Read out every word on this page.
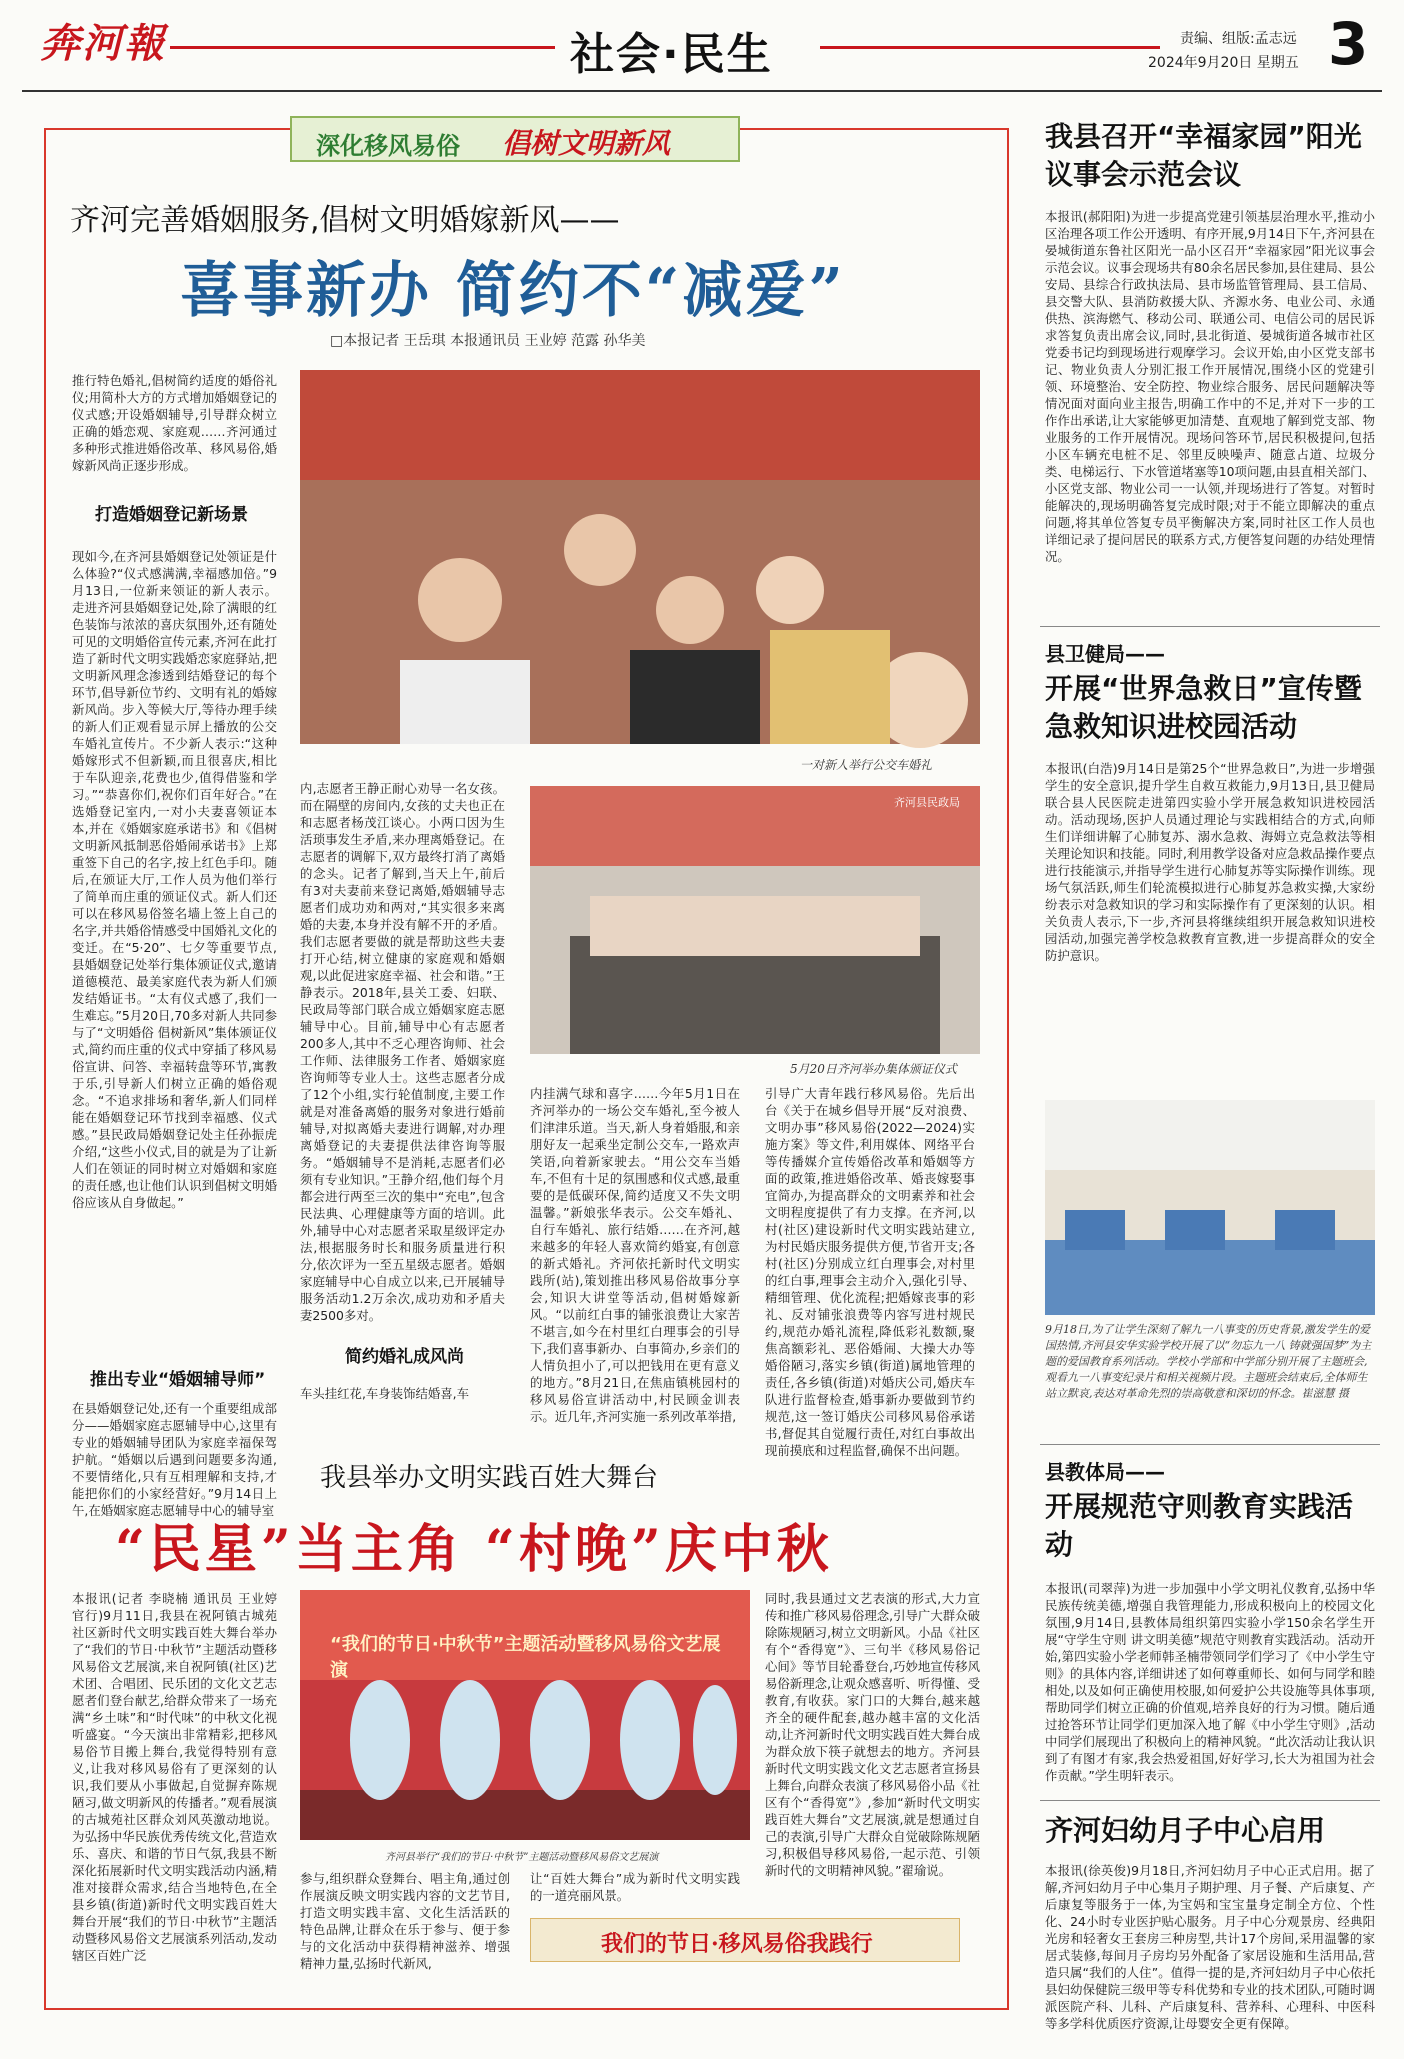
奔河報	社会·民生	责编、组版:孟志远
2024年9月20日 星期五 3
深化移风易俗 倡树文明新风
齐河完善婚姻服务,倡树文明婚嫁新风——
喜事新办 简约不“减爱”
□本报记者 王岳琪 本报通讯员 王业婷 范露 孙华美
推行特色婚礼,倡树简约适度的婚俗礼仪;用简朴大方的方式增加婚姻登记的仪式感;开设婚姻辅导,引导群众树立正确的婚恋观、家庭观……齐河通过多种形式推进婚俗改革、移风易俗,婚嫁新风尚正逐步形成。
打造婚姻登记新场景
现如今,在齐河县婚姻登记处领证是什么体验?“仪式感满满,幸福感加倍。”9月13日,一位新来领证的新人表示。走进齐河县婚姻登记处,除了满眼的红色装饰与浓浓的喜庆氛围外,还有随处可见的文明婚俗宣传元素,齐河在此打造了新时代文明实践婚恋家庭驿站,把文明新风理念渗透到结婚登记的每个环节,倡导新位节约、文明有礼的婚嫁新风尚。步入等候大厅,等待办理手续的新人们正观看显示屏上播放的公交车婚礼宣传片。不少新人表示:“这种婚嫁形式不但新颖,而且很喜庆,相比于车队迎亲,花费也少,值得借鉴和学习。”“恭喜你们,祝你们百年好合。”在选婚登记室内,一对小夫妻喜领证本本,并在《婚姻家庭承诺书》和《倡树文明新风抵制恶俗婚闹承诺书》上郑重签下自己的名字,按上红色手印。随后,在颁证大厅,工作人员为他们举行了简单而庄重的颁证仪式。新人们还可以在移风易俗签名墙上签上自己的名字,并共婚俗情感受中国婚礼文化的变迁。在“5·20”、七夕等重要节点,县婚姻登记处举行集体颁证仪式,邀请道德模范、最美家庭代表为新人们颁发结婚证书。“太有仪式感了,我们一生难忘。”5月20日,70多对新人共同参与了“文明婚俗 倡树新风”集体颁证仪式,简约而庄重的仪式中穿插了移风易俗宣讲、问答、幸福转盘等环节,寓教于乐,引导新人们树立正确的婚俗观念。“不追求排场和奢华,新人们同样能在婚姻登记环节找到幸福感、仪式感。”县民政局婚姻登记处主任孙振虎介绍,“这些小仪式,目的就是为了让新人们在领证的同时树立对婚姻和家庭的责任感,也让他们认识到倡树文明婚俗应该从自身做起。”
推出专业“婚姻辅导师”
在县婚姻登记处,还有一个重要组成部分——婚姻家庭志愿辅导中心,这里有专业的婚姻辅导团队为家庭幸福保驾护航。“婚姻以后遇到问题要多沟通,不要情绪化,只有互相理解和支持,才能把你们的小家经营好。”9月14日上午,在婚姻家庭志愿辅导中心的辅导室
一对新人举行公交车婚礼
内,志愿者王静正耐心劝导一名女孩。而在隔壁的房间内,女孩的丈夫也正在和志愿者杨茂江谈心。小两口因为生活琐事发生矛盾,来办理离婚登记。在志愿者的调解下,双方最终打消了离婚的念头。记者了解到,当天上午,前后有3对夫妻前来登记离婚,婚姻辅导志愿者们成功劝和两对,“其实很多来离婚的夫妻,本身并没有解不开的矛盾。我们志愿者要做的就是帮助这些夫妻打开心结,树立健康的家庭观和婚姻观,以此促进家庭幸福、社会和谐。”王静表示。2018年,县关工委、妇联、民政局等部门联合成立婚姻家庭志愿辅导中心。目前,辅导中心有志愿者200多人,其中不乏心理咨询师、社会工作师、法律服务工作者、婚姻家庭咨询师等专业人士。这些志愿者分成了12个小组,实行轮值制度,主要工作就是对准备离婚的服务对象进行婚前辅导,对拟离婚夫妻进行调解,对办理离婚登记的夫妻提供法律咨询等服务。“婚姻辅导不是消耗,志愿者们必须有专业知识。”王静介绍,他们每个月都会进行两至三次的集中“充电”,包含民法典、心理健康等方面的培训。此外,辅导中心对志愿者采取星级评定办法,根据服务时长和服务质量进行积分,依次评为一至五星级志愿者。婚姻家庭辅导中心自成立以来,已开展辅导服务活动1.2万余次,成功劝和矛盾夫妻2500多对。
简约婚礼成风尚
车头挂红花,车身装饰结婚喜,车
齐河县民政局
5月20日齐河举办集体颁证仪式
内挂满气球和喜字……今年5月1日在齐河举办的一场公交车婚礼,至今被人们津津乐道。当天,新人身着婚服,和亲朋好友一起乘坐定制公交车,一路欢声笑语,向着新家驶去。“用公交车当婚车,不但有十足的氛围感和仪式感,最重要的是低碳环保,简约适度又不失文明温馨。”新娘张华表示。公交车婚礼、自行车婚礼、旅行结婚……在齐河,越来越多的年轻人喜欢简约婚宴,有创意的新式婚礼。齐河依托新时代文明实践所(站),策划推出移风易俗故事分享会,知识大讲堂等活动,倡树婚嫁新风。“以前红白事的铺张浪费让大家苦不堪言,如今在村里红白理事会的引导下,我们喜事新办、白事简办,乡亲们的人情负担小了,可以把钱用在更有意义的地方。”8月21日,在焦庙镇桃园村的移风易俗宣讲活动中,村民顾金训表示。近几年,齐河实施一系列改革举措,
引导广大青年践行移风易俗。先后出台《关于在城乡倡导开展“反对浪费、文明办事”移风易俗(2022—2024)实施方案》等文件,利用媒体、网络平台等传播媒介宣传婚俗改革和婚姻等方面的政策,推进婚俗改革、婚丧嫁娶事宜简办,为提高群众的文明素养和社会文明程度提供了有力支撑。在齐河,以村(社区)建设新时代文明实践站建立,为村民婚庆服务提供方便,节省开支;各村(社区)分别成立红白理事会,对村里的红白事,理事会主动介入,强化引导、精细管理、优化流程;把婚嫁丧事的彩礼、反对铺张浪费等内容写进村规民约,规范办婚礼流程,降低彩礼数额,聚焦高额彩礼、恶俗婚闹、大操大办等婚俗陋习,落实乡镇(街道)属地管理的责任,各乡镇(街道)对婚庆公司,婚庆车队进行监督检查,婚事新办要做到节约规范,这一签订婚庆公司移风易俗承诺书,督促其自觉履行责任,对红白事故出现前摸底和过程监督,确保不出问题。
我县举办文明实践百姓大舞台
“民星”当主角 “村晚”庆中秋
本报讯(记者 李晓楠 通讯员 王业婷 官行)9月11日,我县在祝阿镇古城苑社区新时代文明实践百姓大舞台举办了“我们的节日·中秋节”主题活动暨移风易俗文艺展演,来自祝阿镇(社区)艺术团、合唱团、民乐团的文化文艺志愿者们登台献艺,给群众带来了一场充满“乡土味”和“时代味”的中秋文化视听盛宴。“今天演出非常精彩,把移风易俗节目搬上舞台,我觉得特别有意义,让我对移风易俗有了更深刻的认识,我们要从小事做起,自觉摒弃陈规陋习,做文明新风的传播者。”观看展演的古城苑社区群众刘风英激动地说。为弘扬中华民族优秀传统文化,营造欢乐、喜庆、和谐的节日气氛,我县不断深化拓展新时代文明实践活动内涵,精准对接群众需求,结合当地特色,在全县乡镇(街道)新时代文明实践百姓大舞台开展“我们的节日·中秋节”主题活动暨移风易俗文艺展演系列活动,发动辖区百姓广泛
“我们的节日·中秋节”主题活动暨移风易俗文艺展演
齐河县举行“我们的节日·中秋节”主题活动暨移风易俗文艺展演
参与,组织群众登舞台、唱主角,通过创作展演反映文明实践内容的文艺节目,打造文明实践丰富、文化生活活跃的特色品牌,让群众在乐于参与、便于参与的文化活动中获得精神滋养、增强精神力量,弘扬时代新风,
让“百姓大舞台”成为新时代文明实践的一道亮丽风景。
同时,我县通过文艺表演的形式,大力宣传和推广移风易俗理念,引导广大群众破除陈规陋习,树立文明新风。小品《社区有个“香得宽”》、三句半《移风易俗记心间》等节目轮番登台,巧妙地宣传移风易俗新理念,让观众感喜听、听得懂、受教育,有收获。家门口的大舞台,越来越齐全的硬件配套,越办越丰富的文化活动,让齐河新时代文明实践百姓大舞台成为群众放下筷子就想去的地方。齐河县新时代文明实践文化文艺志愿者宣扬县上舞台,向群众表演了移风易俗小品《社区有个“香得宽”》,参加“新时代文明实践百姓大舞台”文艺展演,就是想通过自己的表演,引导广大群众自觉破除陈规陋习,积极倡导移风易俗,一起示范、引领新时代的文明精神风貌。”翟瑜说。
我们的节日·移风易俗我践行
我县召开“幸福家园”阳光议事会示范会议
本报讯(郝阳阳)为进一步提高党建引领基层治理水平,推动小区治理各项工作公开透明、有序开展,9月14日下午,齐河县在晏城街道东鲁社区阳光一品小区召开“幸福家园”阳光议事会示范会议。议事会现场共有80余名居民参加,县住建局、县公安局、县综合行政执法局、县市场监管管理局、县工信局、县交警大队、县消防救援大队、齐源水务、电业公司、永通供热、滨海燃气、移动公司、联通公司、电信公司的居民诉求答复负责出席会议,同时,县北街道、晏城街道各城市社区党委书记均到现场进行观摩学习。会议开始,由小区党支部书记、物业负责人分别汇报工作开展情况,围绕小区的党建引领、环境整治、安全防控、物业综合服务、居民问题解决等情况面对面向业主报告,明确工作中的不足,并对下一步的工作作出承诺,让大家能够更加清楚、直观地了解到党支部、物业服务的工作开展情况。现场问答环节,居民积极提问,包括小区车辆充电桩不足、邻里反映噪声、随意占道、垃圾分类、电梯运行、下水管道堵塞等10项问题,由县直相关部门、小区党支部、物业公司一一认领,并现场进行了答复。对暂时能解决的,现场明确答复完成时限;对于不能立即解决的重点问题,将其单位答复专员平衡解决方案,同时社区工作人员也详细记录了提问居民的联系方式,方便答复问题的办结处理情况。
县卫健局——
开展“世界急救日”宣传暨急救知识进校园活动
本报讯(白浩)9月14日是第25个“世界急救日”,为进一步增强学生的安全意识,提升学生自救互救能力,9月13日,县卫健局联合县人民医院走进第四实验小学开展急救知识进校园活动。活动现场,医护人员通过理论与实践相结合的方式,向师生们详细讲解了心肺复苏、溺水急救、海姆立克急救法等相关理论知识和技能。同时,利用教学设备对应急救品操作要点进行技能演示,并指导学生进行心肺复苏等实际操作训练。现场气氛活跃,师生们轮流模拟进行心肺复苏急救实操,大家纷纷表示对急救知识的学习和实际操作有了更深刻的认识。相关负责人表示,下一步,齐河县将继续组织开展急救知识进校园活动,加强完善学校急救教育宣教,进一步提高群众的安全防护意识。
9月18日,为了让学生深刻了解九一八事变的历史背景,激发学生的爱国热情,齐河县安华实验学校开展了以“勿忘九一八 铸就强国梦”为主题的爱国教育系列活动。学校小学部和中学部分别开展了主题班会,观看九一八事变纪录片和相关视频片段。主题班会结束后,全体师生站立默哀,表达对革命先烈的崇高敬意和深切的怀念。崔滋慧 摄
县教体局——
开展规范守则教育实践活动
本报讯(司翠萍)为进一步加强中小学文明礼仪教育,弘扬中华民族传统美德,增强自我管理能力,形成积极向上的校园文化氛围,9月14日,县教体局组织第四实验小学150余名学生开展“守学生守则 讲文明美德”规范守则教育实践活动。活动开始,第四实验小学老师韩圣楠带领同学们学习了《中小学生守则》的具体内容,详细讲述了如何尊重师长、如何与同学和睦相处,以及如何正确使用校服,如何爱护公共设施等具体事项,帮助同学们树立正确的价值观,培养良好的行为习惯。随后通过抢答环节让同学们更加深入地了解《中小学生守则》,活动中同学们展现出了积极向上的精神风貌。“此次活动让我认识到了有图才有家,我会热爱祖国,好好学习,长大为祖国为社会作贡献。”学生明轩表示。
齐河妇幼月子中心启用
本报讯(徐英俊)9月18日,齐河妇幼月子中心正式启用。据了解,齐河妇幼月子中心集月子期护理、月子餐、产后康复、产后康复等服务于一体,为宝妈和宝宝量身定制全方位、个性化、24小时专业医护贴心服务。月子中心分观景房、经典阳光房和轻奢女王套房三种房型,共计17个房间,采用温馨的家居式装修,每间月子房均另外配备了家居设施和生活用品,营造只属“我们的人住”。值得一提的是,齐河妇幼月子中心依托县妇幼保健院三级甲等专科优势和专业的技术团队,可随时调派医院产科、儿科、产后康复科、营养科、心理科、中医科等多学科优质医疗资源,让母婴安全更有保障。
